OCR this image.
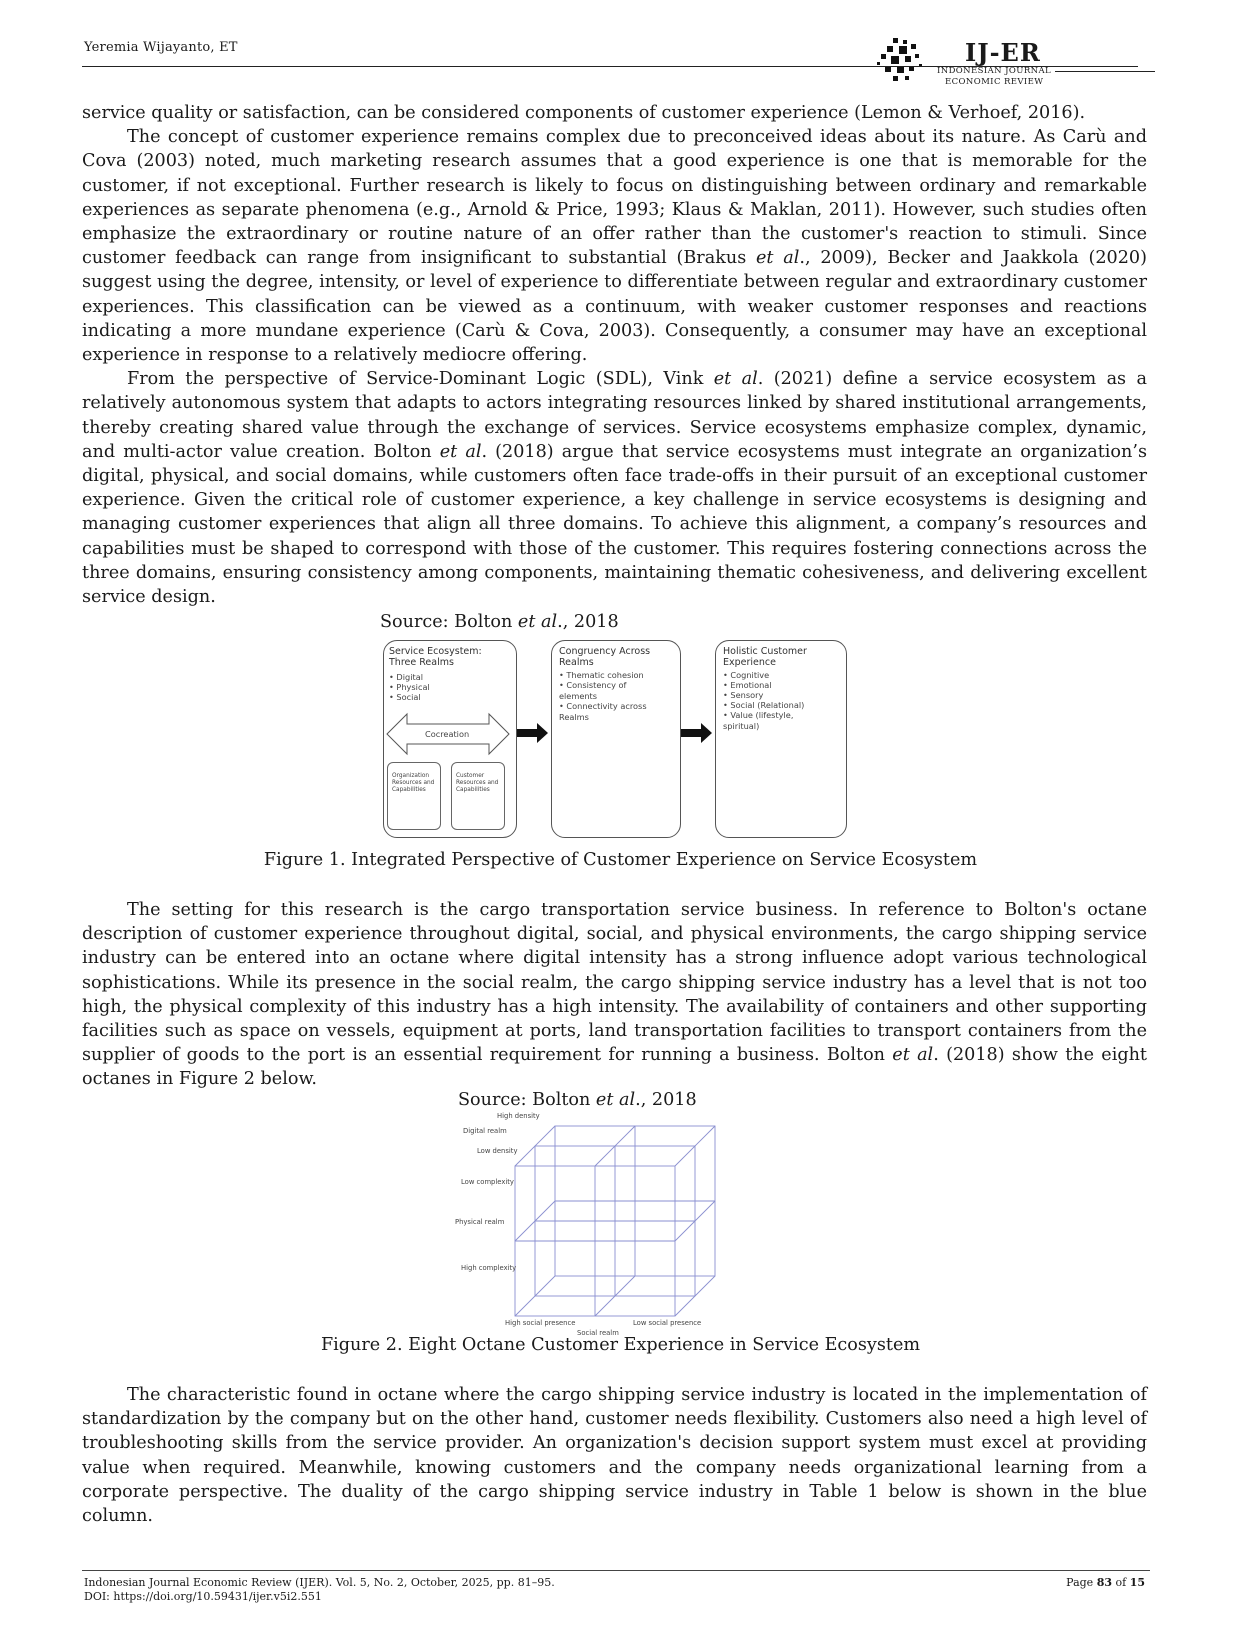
Yeremia Wijayanto, ET	IJ-ER
INDONESIAN JOURNAL
ECONOMIC REVIEW

service quality or satisfaction, can be considered components of customer experience (Lemon & Verhoef, 2016).

The concept of customer experience remains complex due to preconceived ideas about its nature. As Carù and Cova (2003) noted, much marketing research assumes that a good experience is one that is memorable for the customer, if not exceptional. Further research is likely to focus on distinguishing between ordinary and remarkable experiences as separate phenomena (e.g., Arnold & Price, 1993; Klaus & Maklan, 2011). However, such studies often emphasize the extraordinary or routine nature of an offer rather than the customer's reaction to stimuli. Since customer feedback can range from insignificant to substantial (Brakus et al., 2009), Becker and Jaakkola (2020) suggest using the degree, intensity, or level of experience to differentiate between regular and extraordinary customer experiences. This classification can be viewed as a continuum, with weaker customer responses and reactions indicating a more mundane experience (Carù & Cova, 2003). Consequently, a consumer may have an exceptional experience in response to a relatively mediocre offering.

From the perspective of Service-Dominant Logic (SDL), Vink et al. (2021) define a service ecosystem as a relatively autonomous system that adapts to actors integrating resources linked by shared institutional arrangements, thereby creating shared value through the exchange of services. Service ecosystems emphasize complex, dynamic, and multi-actor value creation. Bolton et al. (2018) argue that service ecosystems must integrate an organization’s digital, physical, and social domains, while customers often face trade-offs in their pursuit of an exceptional customer experience. Given the critical role of customer experience, a key challenge in service ecosystems is designing and managing customer experiences that align all three domains. To achieve this alignment, a company’s resources and capabilities must be shaped to correspond with those of the customer. This requires fostering connections across the three domains, ensuring consistency among components, maintaining thematic cohesiveness, and delivering excellent service design.

Source: Bolton et al., 2018
Service Ecosystem: Three Realms
• Digital
• Physical
• Social
Cocreation
Organization Resources and Capabilities
Customer Resources and Capabilities
Congruency Across Realms
• Thematic cohesion
• Consistency of elements
• Connectivity across Realms
Holistic Customer Experience
• Cognitive
• Emotional
• Sensory
• Social (Relational)
• Value (lifestyle, spiritual)
Figure 1. Integrated Perspective of Customer Experience on Service Ecosystem

The setting for this research is the cargo transportation service business. In reference to Bolton's octane description of customer experience throughout digital, social, and physical environments, the cargo shipping service industry can be entered into an octane where digital intensity has a strong influence adopt various technological sophistications. While its presence in the social realm, the cargo shipping service industry has a level that is not too high, the physical complexity of this industry has a high intensity. The availability of containers and other supporting facilities such as space on vessels, equipment at ports, land transportation facilities to transport containers from the supplier of goods to the port is an essential requirement for running a business. Bolton et al. (2018) show the eight octanes in Figure 2 below.

Source: Bolton et al., 2018
High density
Digital realm
Low density
Low complexity
Physical realm
High complexity
High social presence	Low social presence
Social realm
Figure 2. Eight Octane Customer Experience in Service Ecosystem

The characteristic found in octane where the cargo shipping service industry is located in the implementation of standardization by the company but on the other hand, customer needs flexibility. Customers also need a high level of troubleshooting skills from the service provider. An organization's decision support system must excel at providing value when required. Meanwhile, knowing customers and the company needs organizational learning from a corporate perspective. The duality of the cargo shipping service industry in Table 1 below is shown in the blue column.

Indonesian Journal Economic Review (IJER). Vol. 5, No. 2, October, 2025, pp. 81–95.
DOI: https://doi.org/10.59431/ijer.v5i2.551
Page 83 of 15
